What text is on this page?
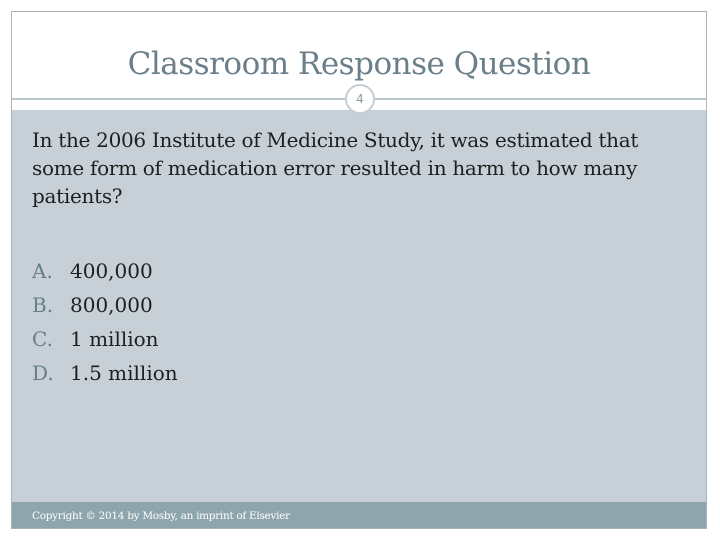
Classroom Response Question
In the 2006 Institute of Medicine Study, it was estimated that some form of medication error resulted in harm to how many patients?
A. 400,000
B. 800,000
C. 1 million
D. 1.5 million
4
Copyright © 2014 by Mosby, an imprint of Elsevier
